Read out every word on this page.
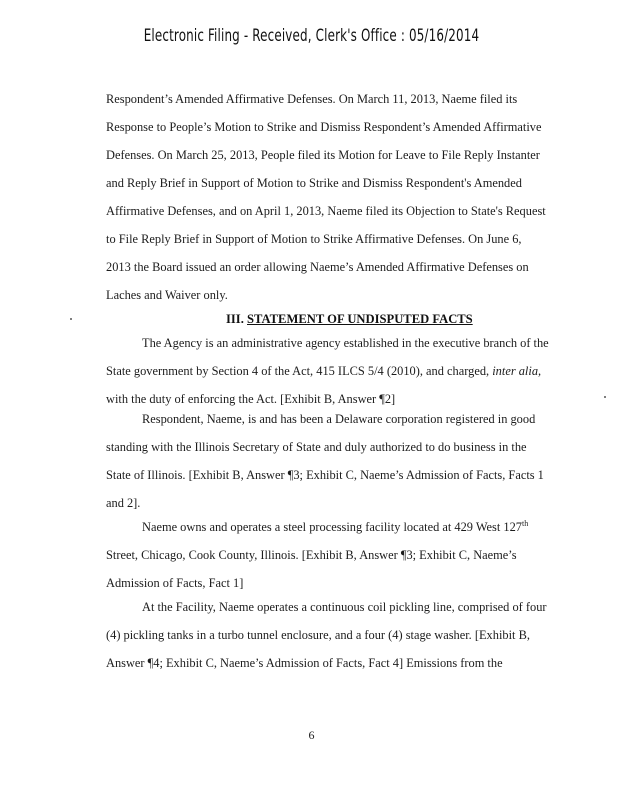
Electronic Filing - Received, Clerk's Office : 05/16/2014
Respondent’s Amended Affirmative Defenses. On March 11, 2013, Naeme filed its
Response to People’s Motion to Strike and Dismiss Respondent’s Amended Affirmative
Defenses. On March 25, 2013, People filed its Motion for Leave to File Reply Instanter
and Reply Brief in Support of Motion to Strike and Dismiss Respondent's Amended
Affirmative Defenses, and on April 1, 2013, Naeme filed its Objection to State's Request
to File Reply Brief in Support of Motion to Strike Affirmative Defenses. On June 6,
2013 the Board issued an order allowing Naeme’s Amended Affirmative Defenses on
Laches and Waiver only.
III. STATEMENT OF UNDISPUTED FACTS
The Agency is an administrative agency established in the executive branch of the
State government by Section 4 of the Act, 415 ILCS 5/4 (2010), and charged, inter alia,
with the duty of enforcing the Act. [Exhibit B, Answer ¶2]
Respondent, Naeme, is and has been a Delaware corporation registered in good
standing with the Illinois Secretary of State and duly authorized to do business in the
State of Illinois. [Exhibit B, Answer ¶3; Exhibit C, Naeme’s Admission of Facts, Facts 1
and 2].
Naeme owns and operates a steel processing facility located at 429 West 127th
Street, Chicago, Cook County, Illinois. [Exhibit B, Answer ¶3; Exhibit C, Naeme’s
Admission of Facts, Fact 1]
At the Facility, Naeme operates a continuous coil pickling line, comprised of four
(4) pickling tanks in a turbo tunnel enclosure, and a four (4) stage washer. [Exhibit B,
6
Answer ¶4; Exhibit C, Naeme’s Admission of Facts, Fact 4] Emissions from the
